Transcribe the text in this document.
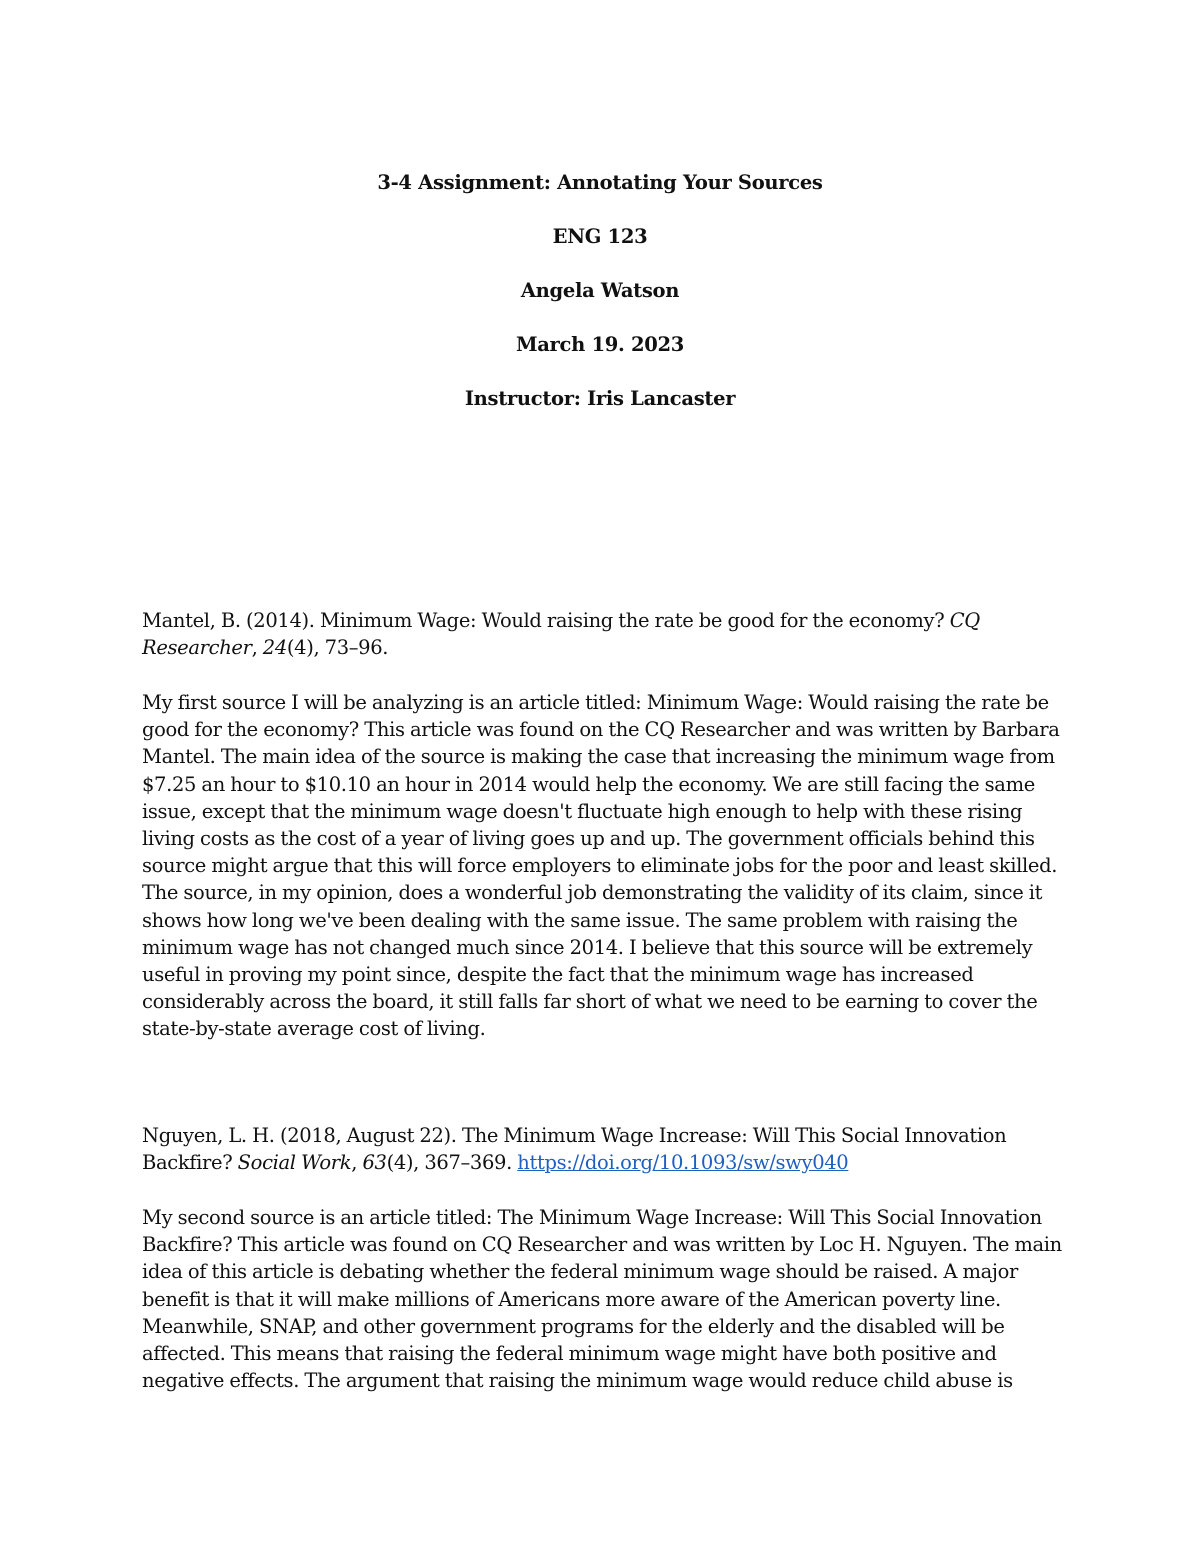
3-4 Assignment: Annotating Your Sources

ENG 123

Angela Watson

March 19. 2023

Instructor: Iris Lancaster

Mantel, B. (2014). Minimum Wage: Would raising the rate be good for the economy? CQ Researcher, 24(4), 73–96.

My first source I will be analyzing is an article titled: Minimum Wage: Would raising the rate be good for the economy? This article was found on the CQ Researcher and was written by Barbara Mantel. The main idea of the source is making the case that increasing the minimum wage from $7.25 an hour to $10.10 an hour in 2014 would help the economy. We are still facing the same issue, except that the minimum wage doesn't fluctuate high enough to help with these rising living costs as the cost of a year of living goes up and up. The government officials behind this source might argue that this will force employers to eliminate jobs for the poor and least skilled. The source, in my opinion, does a wonderful job demonstrating the validity of its claim, since it shows how long we've been dealing with the same issue. The same problem with raising the minimum wage has not changed much since 2014. I believe that this source will be extremely useful in proving my point since, despite the fact that the minimum wage has increased considerably across the board, it still falls far short of what we need to be earning to cover the state-by-state average cost of living.

Nguyen, L. H. (2018, August 22). The Minimum Wage Increase: Will This Social Innovation Backfire? Social Work, 63(4), 367–369. https://doi.org/10.1093/sw/swy040

My second source is an article titled: The Minimum Wage Increase: Will This Social Innovation Backfire? This article was found on CQ Researcher and was written by Loc H. Nguyen. The main idea of this article is debating whether the federal minimum wage should be raised. A major benefit is that it will make millions of Americans more aware of the American poverty line. Meanwhile, SNAP, and other government programs for the elderly and the disabled will be affected. This means that raising the federal minimum wage might have both positive and negative effects. The argument that raising the minimum wage would reduce child abuse is
